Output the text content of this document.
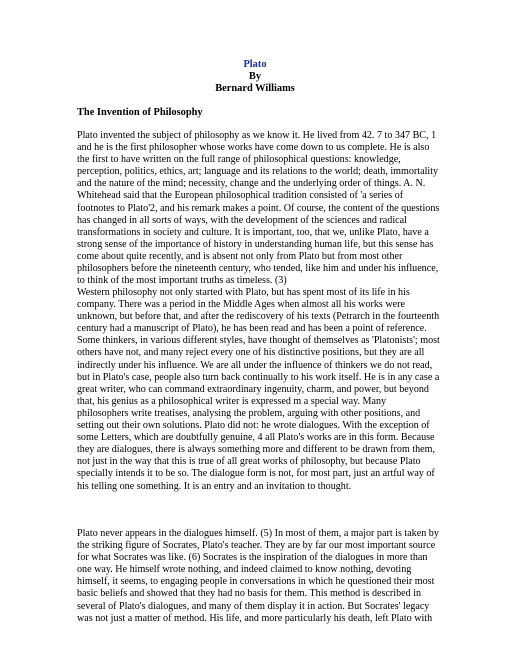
Plato
By
Bernard Williams
The Invention of Philosophy
Plato invented the subject of philosophy as we know it. He lived from 42. 7 to 347 BC, 1
and he is the first philosopher whose works have come down to us complete. He is also
the first to have written on the full range of philosophical questions: knowledge,
perception, politics, ethics, art; language and its relations to the world; death, immortality
and the nature of the mind; necessity, change and the underlying order of things. A. N.
Whitehead said that the European philosophical tradition consisted of 'a series of
footnotes to Plato'2, and his remark makes a point. Of course, the content of the questions
has changed in all sorts of ways, with the development of the sciences and radical
transformations in society and culture. It is important, too, that we, unlike Plato, have a
strong sense of the importance of history in understanding human life, but this sense has
come about quite recently, and is absent not only from Plato but from most other
philosophers before the nineteenth century, who tended, like him and under his influence,
to think of the most important truths as timeless. (3)
Western philosophy not only started with Plato, but has spent most of its life in his
company. There was a period in the Middle Ages when almost all his works were
unknown, but before that, and after the rediscovery of his texts (Petrarch in the fourteenth
century had a manuscript of Plato), he has been read and has been a point of reference.
Some thinkers, in various different styles, have thought of themselves as 'Platonists'; most
others have not, and many reject every one of his distinctive positions, but they are all
indirectly under his influence. We are all under the influence of thinkers we do not read,
but in Plato's case, people also turn back continually to his work itself. He is in any case a
great writer, who can command extraordinary ingenuity, charm, and power, but beyond
that, his genius as a philosophical writer is expressed m a special way. Many
philosophers write treatises, analysing the problem, arguing with other positions, and
setting out their own solutions. Plato did not: he wrote dialogues. With the exception of
some Letters, which are doubtfully genuine, 4 all Plato's works are in this form. Because
they are dialogues, there is always something more and different to be drawn from them,
not just in the way that this is true of all great works of philosophy, but because Plato
specially intends it to be so. The dialogue form is not, for most part, just an artful way of
his telling one something. It is an entry and an invitation to thought.
Plato never appears in the dialogues himself. (5) In most of them, a major part is taken by
the striking figure of Socrates, Plato's teacher. They are by far our most important source
for what Socrates was like. (6) Socrates is the inspiration of the dialogues in more than
one way. He himself wrote nothing, and indeed claimed to know nothing, devoting
himself, it seems, to engaging people in conversations in which he questioned their most
basic beliefs and showed that they had no basis for them. This method is described in
several of Plato's dialogues, and many of them display it in action. But Socrates' legacy
was not just a matter of method. His life, and more particularly his death, left Plato with
